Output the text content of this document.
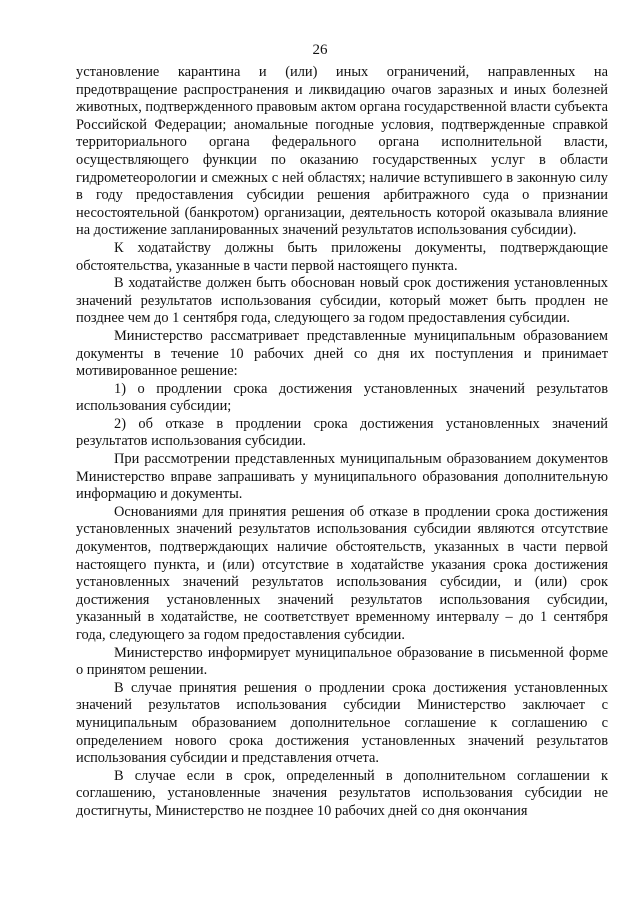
26

установление карантина и (или) иных ограничений, направленных на предотвращение распространения и ликвидацию очагов заразных и иных болезней животных, подтвержденного правовым актом органа государственной власти субъекта Российской Федерации; аномальные погодные условия, подтвержденные справкой территориального органа федерального органа исполнительной власти, осуществляющего функции по оказанию государственных услуг в области гидрометеорологии и смежных с ней областях; наличие вступившего в законную силу в году предоставления субсидии решения арбитражного суда о признании несостоятельной (банкротом) организации, деятельность которой оказывала влияние на достижение запланированных значений результатов использования субсидии).

К ходатайству должны быть приложены документы, подтверждающие обстоятельства, указанные в части первой настоящего пункта.

В ходатайстве должен быть обоснован новый срок достижения установленных значений результатов использования субсидии, который может быть продлен не позднее чем до 1 сентября года, следующего за годом предоставления субсидии.

Министерство рассматривает представленные муниципальным образованием документы в течение 10 рабочих дней со дня их поступления и принимает мотивированное решение:

1) о продлении срока достижения установленных значений результатов использования субсидии;

2) об отказе в продлении срока достижения установленных значений результатов использования субсидии.

При рассмотрении представленных муниципальным образованием документов Министерство вправе запрашивать у муниципального образования дополнительную информацию и документы.

Основаниями для принятия решения об отказе в продлении срока достижения установленных значений результатов использования субсидии являются отсутствие документов, подтверждающих наличие обстоятельств, указанных в части первой настоящего пункта, и (или) отсутствие в ходатайстве указания срока достижения установленных значений результатов использования субсидии, и (или) срок достижения установленных значений результатов использования субсидии, указанный в ходатайстве, не соответствует временному интервалу – до 1 сентября года, следующего за годом предоставления субсидии.

Министерство информирует муниципальное образование в письменной форме о принятом решении.

В случае принятия решения о продлении срока достижения установленных значений результатов использования субсидии Министерство заключает с муниципальным образованием дополнительное соглашение к соглашению с определением нового срока достижения установленных значений результатов использования субсидии и представления отчета.

В случае если в срок, определенный в дополнительном соглашении к соглашению, установленные значения результатов использования субсидии не достигнуты, Министерство не позднее 10 рабочих дней со дня окончания
